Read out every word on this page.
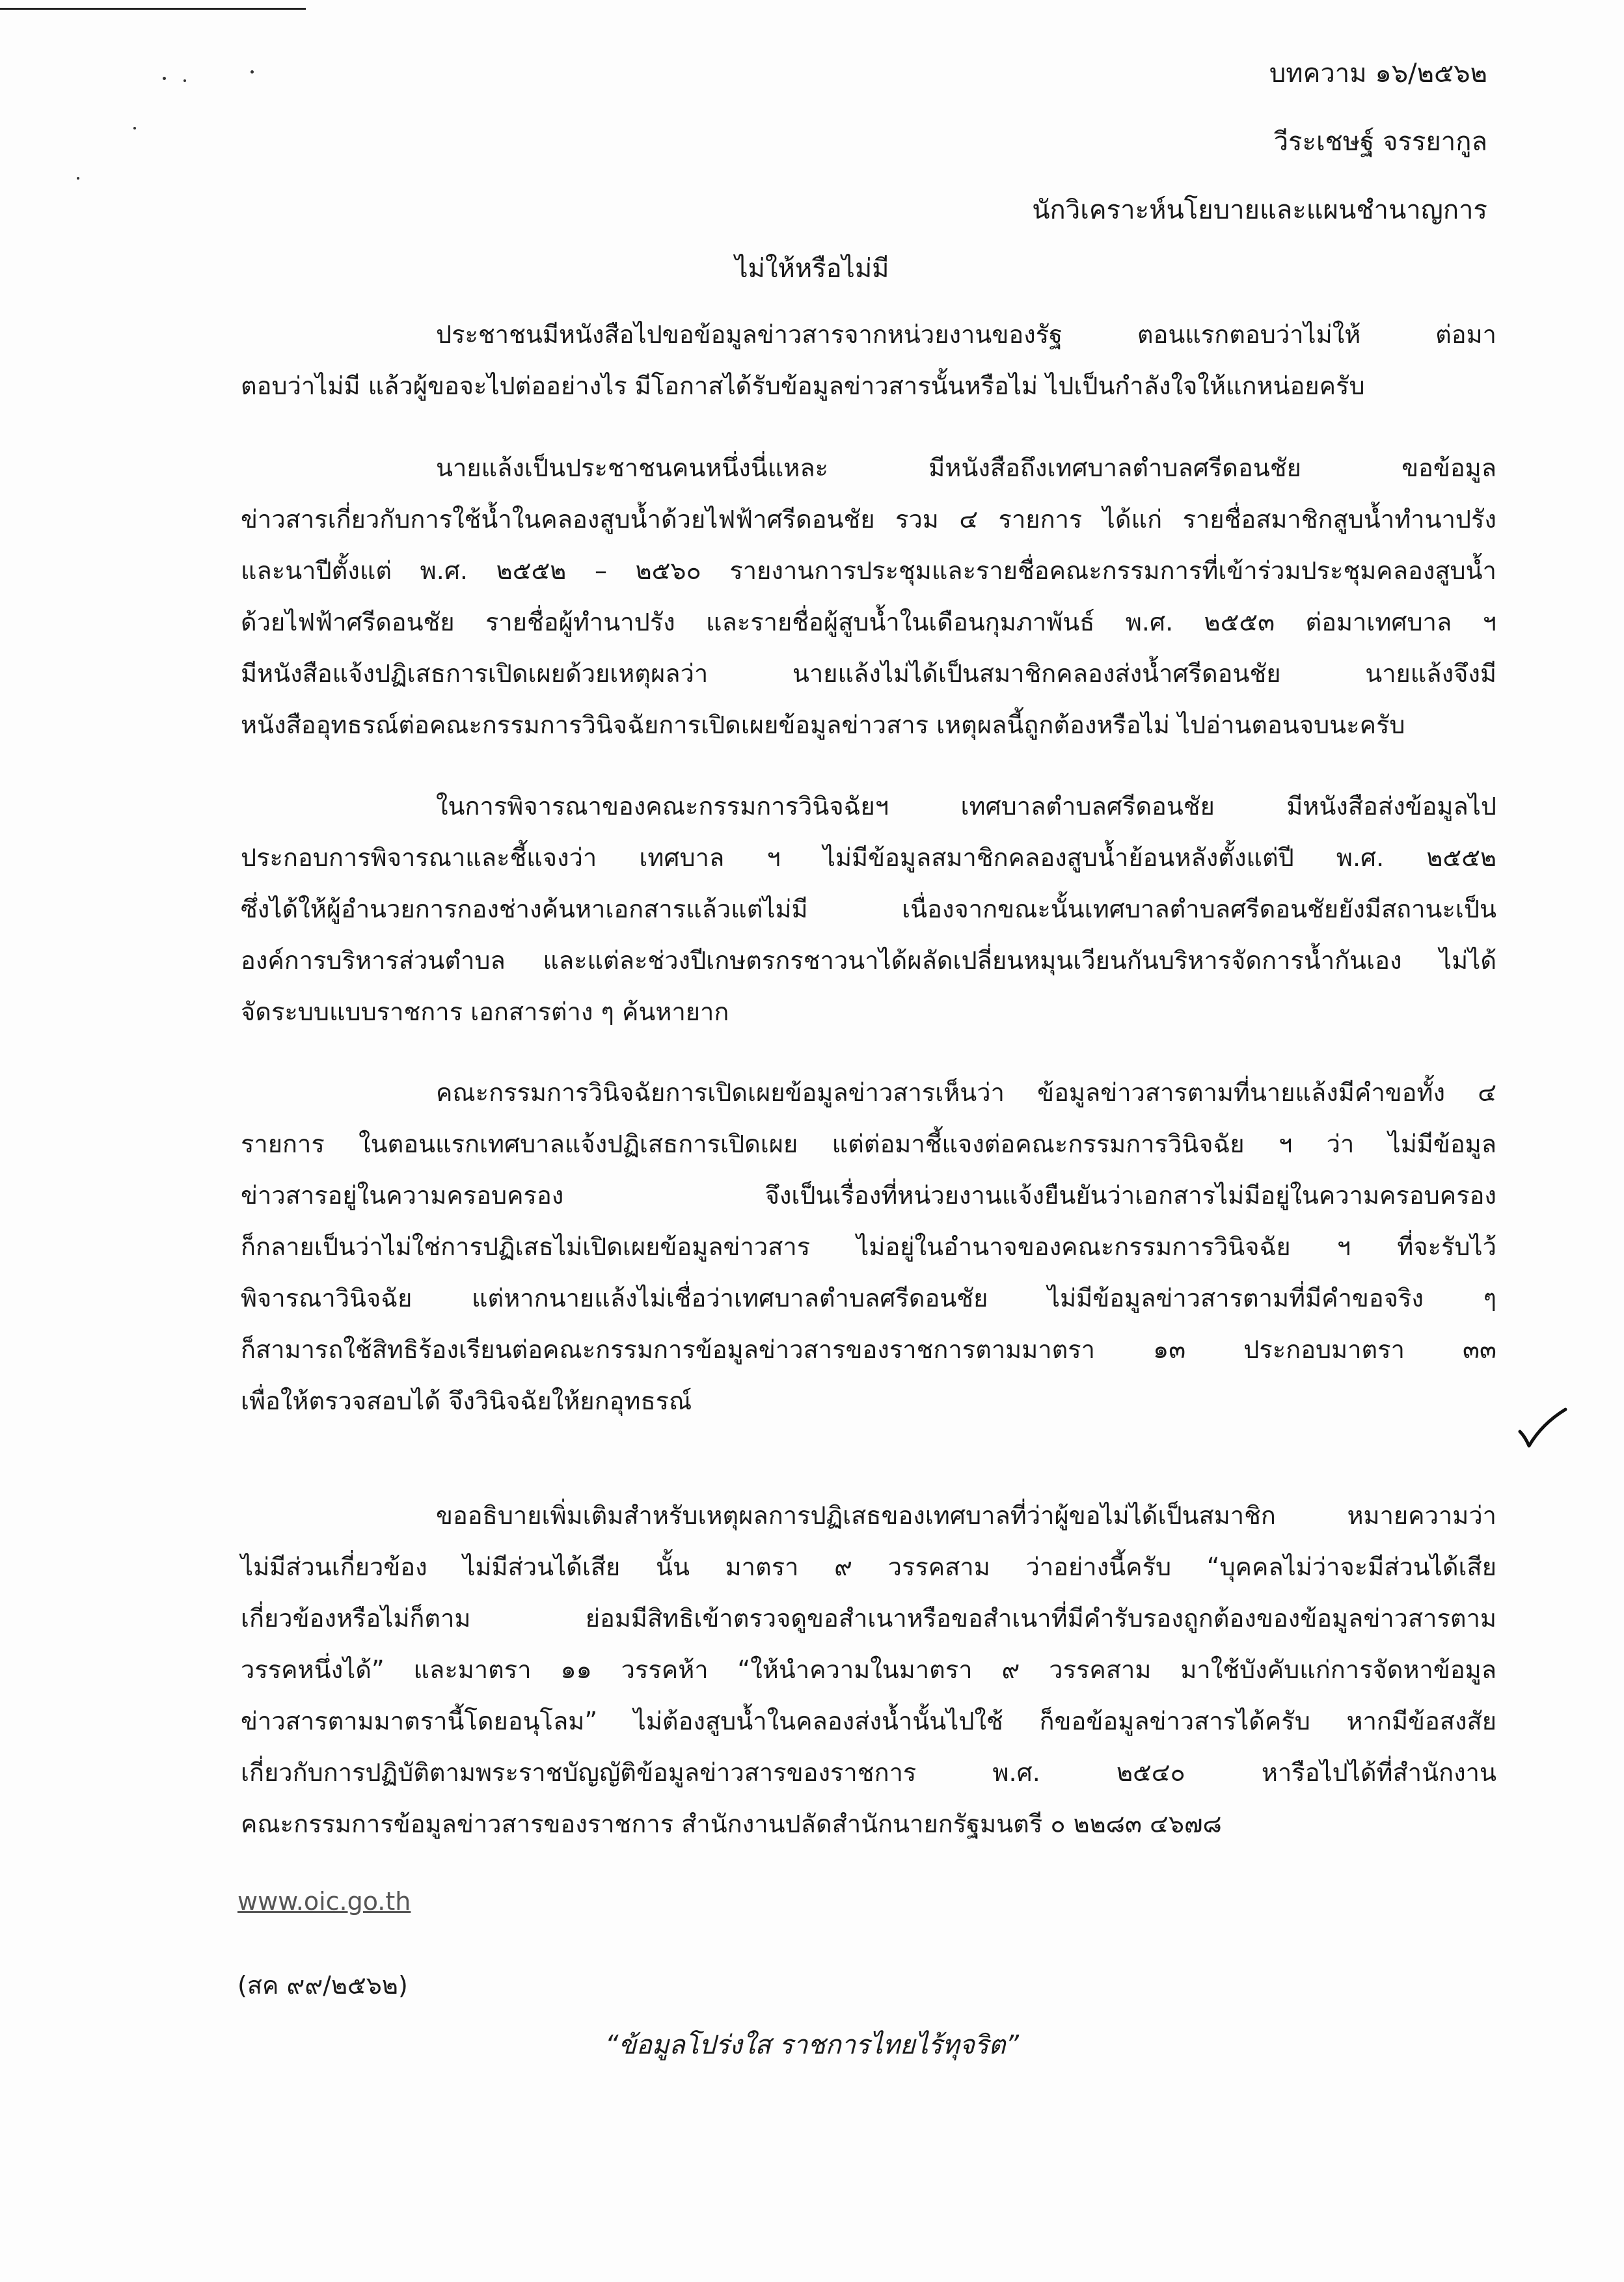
บทความ ๑๖/๒๕๖๒
วีระเชษฐ์ จรรยากูล
นักวิเคราะห์นโยบายและแผนชำนาญการ
ไม่ให้หรือไม่มี
ประชาชนมีหนังสือไปขอข้อมูลข่าวสารจากหน่วยงานของรัฐ ตอนแรกตอบว่าไม่ให้ ต่อมา
ตอบว่าไม่มี แล้วผู้ขอจะไปต่ออย่างไร มีโอกาสได้รับข้อมูลข่าวสารนั้นหรือไม่ ไปเป็นกำลังใจให้แกหน่อยครับ
นายแล้งเป็นประชาชนคนหนึ่งนี่แหละ มีหนังสือถึงเทศบาลตำบลศรีดอนชัย ขอข้อมูล
ข่าวสารเกี่ยวกับการใช้น้ำในคลองสูบน้ำด้วยไฟฟ้าศรีดอนชัย รวม ๔ รายการ ได้แก่ รายชื่อสมาชิกสูบน้ำทำนาปรัง
และนาปีตั้งแต่ พ.ศ. ๒๕๕๒ – ๒๕๖๐ รายงานการประชุมและรายชื่อคณะกรรมการที่เข้าร่วมประชุมคลองสูบน้ำ
ด้วยไฟฟ้าศรีดอนชัย รายชื่อผู้ทำนาปรัง และรายชื่อผู้สูบน้ำในเดือนกุมภาพันธ์ พ.ศ. ๒๕๕๓ ต่อมาเทศบาล ฯ
มีหนังสือแจ้งปฏิเสธการเปิดเผยด้วยเหตุผลว่า นายแล้งไม่ได้เป็นสมาชิกคลองส่งน้ำศรีดอนชัย นายแล้งจึงมี
หนังสืออุทธรณ์ต่อคณะกรรมการวินิจฉัยการเปิดเผยข้อมูลข่าวสาร เหตุผลนี้ถูกต้องหรือไม่ ไปอ่านตอนจบนะครับ
ในการพิจารณาของคณะกรรมการวินิจฉัยฯ เทศบาลตำบลศรีดอนชัย มีหนังสือส่งข้อมูลไป
ประกอบการพิจารณาและชี้แจงว่า เทศบาล ฯ ไม่มีข้อมูลสมาชิกคลองสูบน้ำย้อนหลังตั้งแต่ปี พ.ศ. ๒๕๕๒
ซึ่งได้ให้ผู้อำนวยการกองช่างค้นหาเอกสารแล้วแต่ไม่มี เนื่องจากขณะนั้นเทศบาลตำบลศรีดอนชัยยังมีสถานะเป็น
องค์การบริหารส่วนตำบล และแต่ละช่วงปีเกษตรกรชาวนาได้ผลัดเปลี่ยนหมุนเวียนกันบริหารจัดการน้ำกันเอง ไม่ได้
จัดระบบแบบราชการ เอกสารต่าง ๆ ค้นหายาก
คณะกรรมการวินิจฉัยการเปิดเผยข้อมูลข่าวสารเห็นว่า ข้อมูลข่าวสารตามที่นายแล้งมีคำขอทั้ง ๔
รายการ ในตอนแรกเทศบาลแจ้งปฏิเสธการเปิดเผย แต่ต่อมาชี้แจงต่อคณะกรรมการวินิจฉัย ฯ ว่า ไม่มีข้อมูล
ข่าวสารอยู่ในความครอบครอง จึงเป็นเรื่องที่หน่วยงานแจ้งยืนยันว่าเอกสารไม่มีอยู่ในความครอบครอง
ก็กลายเป็นว่าไม่ใช่การปฏิเสธไม่เปิดเผยข้อมูลข่าวสาร ไม่อยู่ในอำนาจของคณะกรรมการวินิจฉัย ฯ ที่จะรับไว้
พิจารณาวินิจฉัย แต่หากนายแล้งไม่เชื่อว่าเทศบาลตำบลศรีดอนชัย ไม่มีข้อมูลข่าวสารตามที่มีคำขอจริง ๆ
ก็สามารถใช้สิทธิร้องเรียนต่อคณะกรรมการข้อมูลข่าวสารของราชการตามมาตรา ๑๓ ประกอบมาตรา ๓๓
เพื่อให้ตรวจสอบได้ จึงวินิจฉัยให้ยกอุทธรณ์
ขออธิบายเพิ่มเติมสำหรับเหตุผลการปฏิเสธของเทศบาลที่ว่าผู้ขอไม่ได้เป็นสมาชิก หมายความว่า
ไม่มีส่วนเกี่ยวข้อง ไม่มีส่วนได้เสีย นั้น มาตรา ๙ วรรคสาม ว่าอย่างนี้ครับ “บุคคลไม่ว่าจะมีส่วนได้เสีย
เกี่ยวข้องหรือไม่ก็ตาม ย่อมมีสิทธิเข้าตรวจดูขอสำเนาหรือขอสำเนาที่มีคำรับรองถูกต้องของข้อมูลข่าวสารตาม
วรรคหนึ่งได้” และมาตรา ๑๑ วรรคห้า “ให้นำความในมาตรา ๙ วรรคสาม มาใช้บังคับแก่การจัดหาข้อมูล
ข่าวสารตามมาตรานี้โดยอนุโลม” ไม่ต้องสูบน้ำในคลองส่งน้ำนั้นไปใช้ ก็ขอข้อมูลข่าวสารได้ครับ หากมีข้อสงสัย
เกี่ยวกับการปฏิบัติตามพระราชบัญญัติข้อมูลข่าวสารของราชการ พ.ศ. ๒๕๔๐ หารือไปได้ที่สำนักงาน
คณะกรรมการข้อมูลข่าวสารของราชการ สำนักงานปลัดสำนักนายกรัฐมนตรี ๐ ๒๒๘๓ ๔๖๗๘
www.oic.go.th
(สค ๙๙/๒๕๖๒)
“ข้อมูลโปร่งใส ราชการไทยไร้ทุจริต”
